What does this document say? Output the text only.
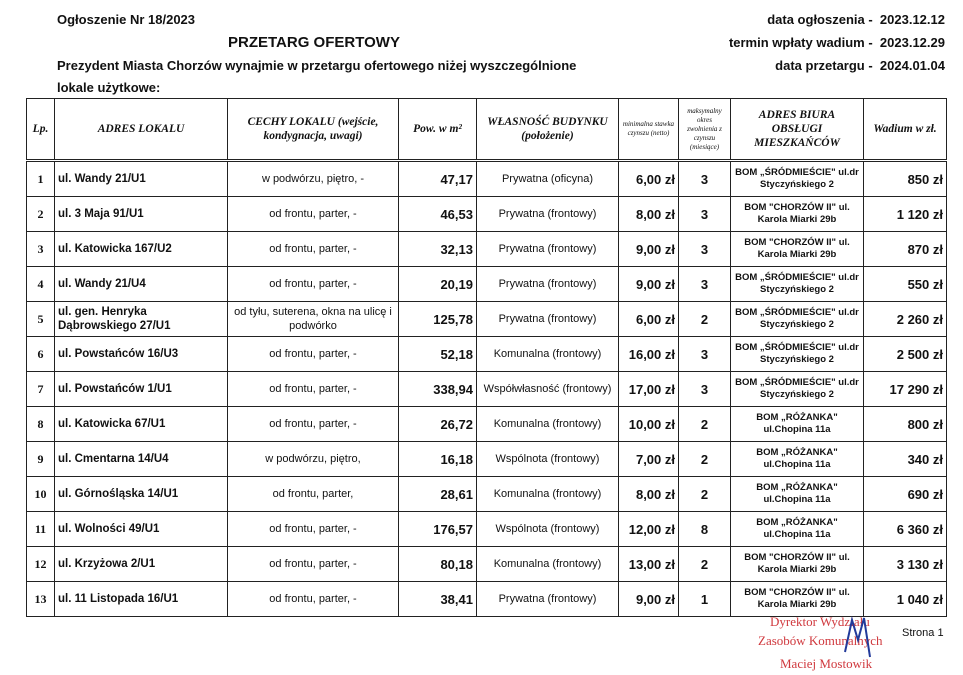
Ogłoszenie Nr 18/2023
PRZETARG OFERTOWY
Prezydent Miasta Chorzów wynajmie w przetargu ofertowego niżej wyszczególnione
lokale użytkowe:
data ogłoszenia - 2023.12.12
termin wpłaty wadium - 2023.12.29
data przetargu - 2024.01.04
Lp.	ADRES LOKALU	CECHY LOKALU (wejście, kondygnacja, uwagi)	Pow. w m²	WŁASNOŚĆ BUDYNKU (położenie)	minimalna stawka czynszu (netto)	maksymalny okres zwolnienia z czynszu (miesiące)	ADRES BIURA OBSŁUGI MIESZKAŃCÓW	Wadium w zł.
1	ul. Wandy 21/U1	w podwórzu, piętro, -	47,17	Prywatna (oficyna)	6,00 zł	3	BOM „ŚRÓDMIEŚCIE" ul.dr Styczyńskiego 2	850 zł
2	ul. 3 Maja 91/U1	od frontu, parter, -	46,53	Prywatna (frontowy)	8,00 zł	3	BOM "CHORZÓW II" ul. Karola Miarki 29b	1 120 zł
3	ul. Katowicka 167/U2	od frontu, parter, -	32,13	Prywatna (frontowy)	9,00 zł	3	BOM "CHORZÓW II" ul. Karola Miarki 29b	870 zł
4	ul. Wandy 21/U4	od frontu, parter, -	20,19	Prywatna (frontowy)	9,00 zł	3	BOM „ŚRÓDMIEŚCIE" ul.dr Styczyńskiego 2	550 zł
5	ul. gen. Henryka Dąbrowskiego 27/U1	od tyłu, suterena, okna na ulicę i podwórko	125,78	Prywatna (frontowy)	6,00 zł	2	BOM „ŚRÓDMIEŚCIE" ul.dr Styczyńskiego 2	2 260 zł
6	ul. Powstańców 16/U3	od frontu, parter, -	52,18	Komunalna (frontowy)	16,00 zł	3	BOM „ŚRÓDMIEŚCIE" ul.dr Styczyńskiego 2	2 500 zł
7	ul. Powstańców 1/U1	od frontu, parter, -	338,94	Współwłasność (frontowy)	17,00 zł	3	BOM „ŚRÓDMIEŚCIE" ul.dr Styczyńskiego 2	17 290 zł
8	ul. Katowicka 67/U1	od frontu, parter, -	26,72	Komunalna (frontowy)	10,00 zł	2	BOM „RÓŻANKA" ul.Chopina 11a	800 zł
9	ul. Cmentarna 14/U4	w podwórzu, piętro,	16,18	Wspólnota (frontowy)	7,00 zł	2	BOM „RÓŻANKA" ul.Chopina 11a	340 zł
10	ul. Górnośląska 14/U1	od frontu, parter,	28,61	Komunalna (frontowy)	8,00 zł	2	BOM „RÓŻANKA" ul.Chopina 11a	690 zł
11	ul. Wolności 49/U1	od frontu, parter, -	176,57	Wspólnota (frontowy)	12,00 zł	8	BOM „RÓŻANKA" ul.Chopina 11a	6 360 zł
12	ul. Krzyżowa 2/U1	od frontu, parter, -	80,18	Komunalna (frontowy)	13,00 zł	2	BOM "CHORZÓW II" ul. Karola Miarki 29b	3 130 zł
13	ul. 11 Listopada 16/U1	od frontu, parter, -	38,41	Prywatna (frontowy)	9,00 zł	1	BOM "CHORZÓW II" ul. Karola Miarki 29b	1 040 zł
Dyrektor Wydziału
Zasobów Komunalnych
Maciej Mostowik
Strona 1
